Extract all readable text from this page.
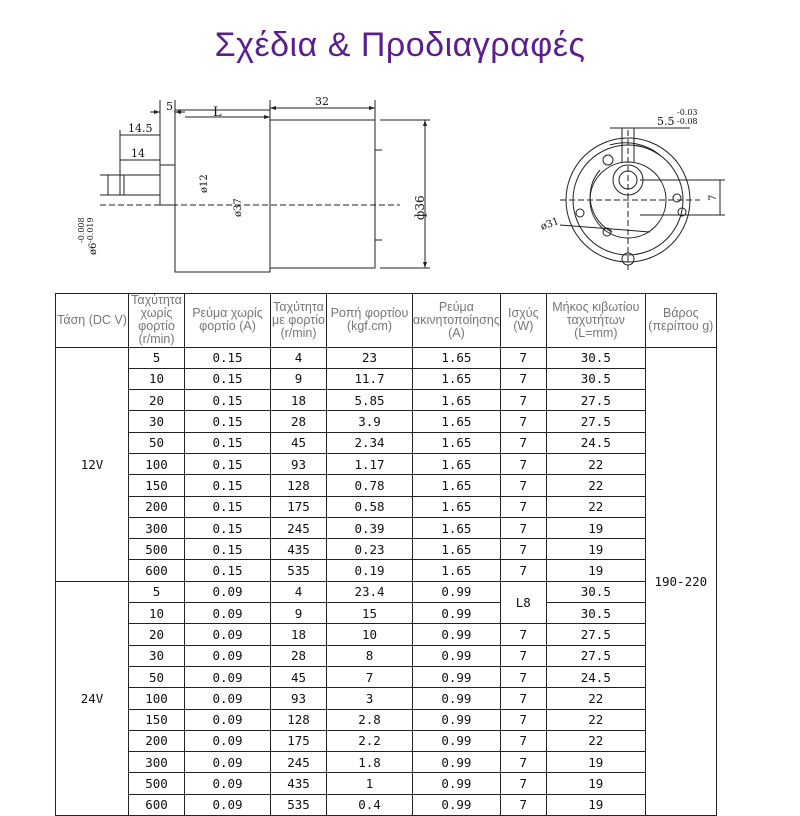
Σχέδια & Προδιαγραφές
5	L
32
14.5
14
ø12
ø37	ф36
ø6
-0.008 -0.019
5.5
-0.03
-0.08
7
ø31
Τάση (DC V)	Ταχύτητα χωρίς φορτίο (r/min)	Ρεύμα χωρίς φορτίο (A)	Ταχύτητα με φορτίο (r/min)	Ροπή φορτίου (kgf.cm)	Ρεύμα ακινητοποίησης (A)	Ισχύς (W)	Μήκος κιβωτίου ταχυτήτων (L=mm)	Βάρος (περίπου g)
12V	5	0.15	4	23	1.65	7	30.5	190-220
	10	0.15	9	11.7	1.65	7	30.5	
	20	0.15	18	5.85	1.65	7	27.5	
	30	0.15	28	3.9	1.65	7	27.5	
	50	0.15	45	2.34	1.65	7	24.5	
	100	0.15	93	1.17	1.65	7	22	
	150	0.15	128	0.78	1.65	7	22	
	200	0.15	175	0.58	1.65	7	22	
	300	0.15	245	0.39	1.65	7	19	
	500	0.15	435	0.23	1.65	7	19	
	600	0.15	535	0.19	1.65	7	19	
24V	5	0.09	4	23.4	0.99	L8	30.5	
	10	0.09	9	15	0.99		30.5	
	20	0.09	18	10	0.99	7	27.5	
	30	0.09	28	8	0.99	7	27.5	
	50	0.09	45	7	0.99	7	24.5	
	100	0.09	93	3	0.99	7	22	
	150	0.09	128	2.8	0.99	7	22	
	200	0.09	175	2.2	0.99	7	22	
	300	0.09	245	1.8	0.99	7	19	
	500	0.09	435	1	0.99	7	19	
	600	0.09	535	0.4	0.99	7	19	
